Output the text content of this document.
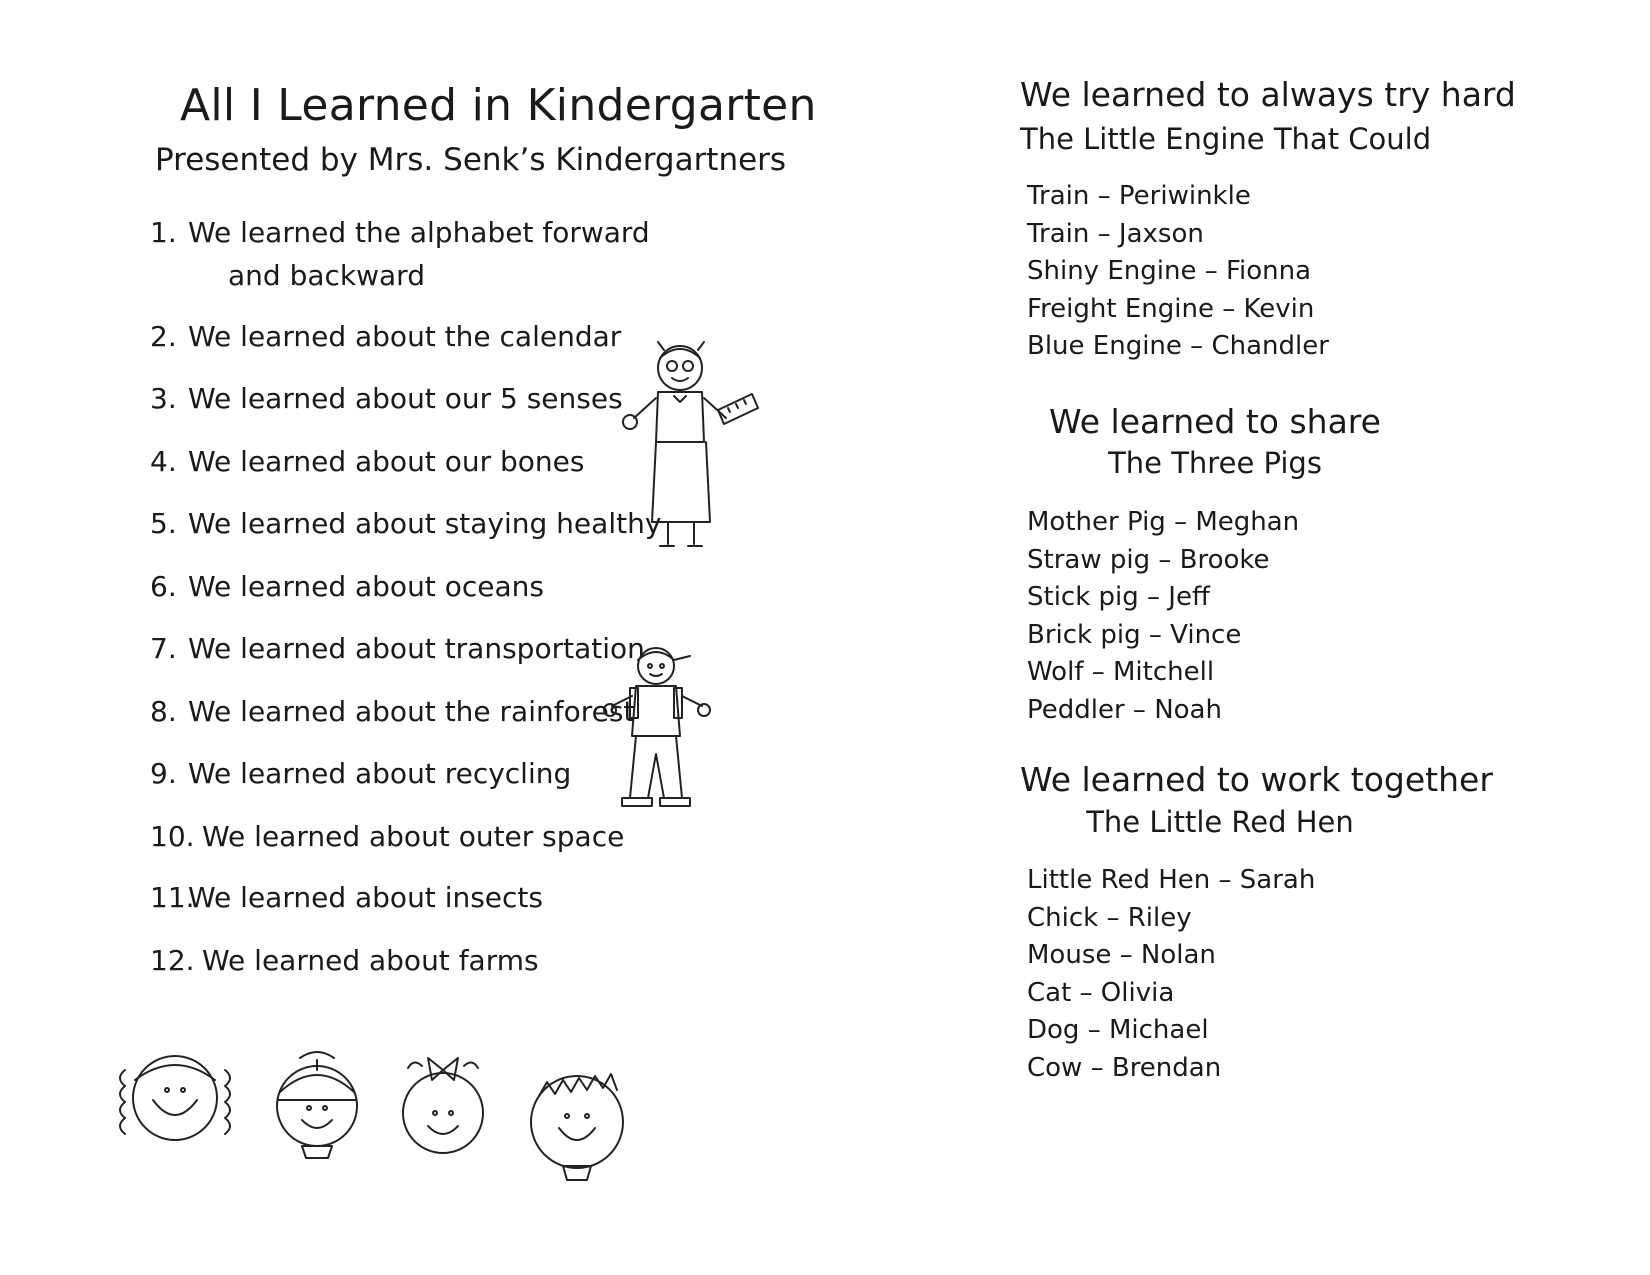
All I Learned in Kindergarten
Presented by Mrs. Senk’s Kindergartners
1. We learned the alphabet forward
and backward
2. We learned about the calendar
3. We learned about our 5 senses
4. We learned about our bones
5. We learned about staying healthy
6. We learned about oceans
7. We learned about transportation
8. We learned about the rainforest
9. We learned about recycling
10. We learned about outer space
11.We learned about insects
12. We learned about farms
We learned to always try hard
The Little Engine That Could
Train – Periwinkle
Train – Jaxson
Shiny Engine – Fionna
Freight Engine – Kevin
Blue Engine – Chandler
We learned to share
The Three Pigs
Mother Pig – Meghan
Straw pig – Brooke
Stick pig – Jeff
Brick pig – Vince
Wolf – Mitchell
Peddler – Noah
We learned to work together
The Little Red Hen
Little Red Hen – Sarah
Chick – Riley
Mouse – Nolan
Cat – Olivia
Dog – Michael
Cow – Brendan
